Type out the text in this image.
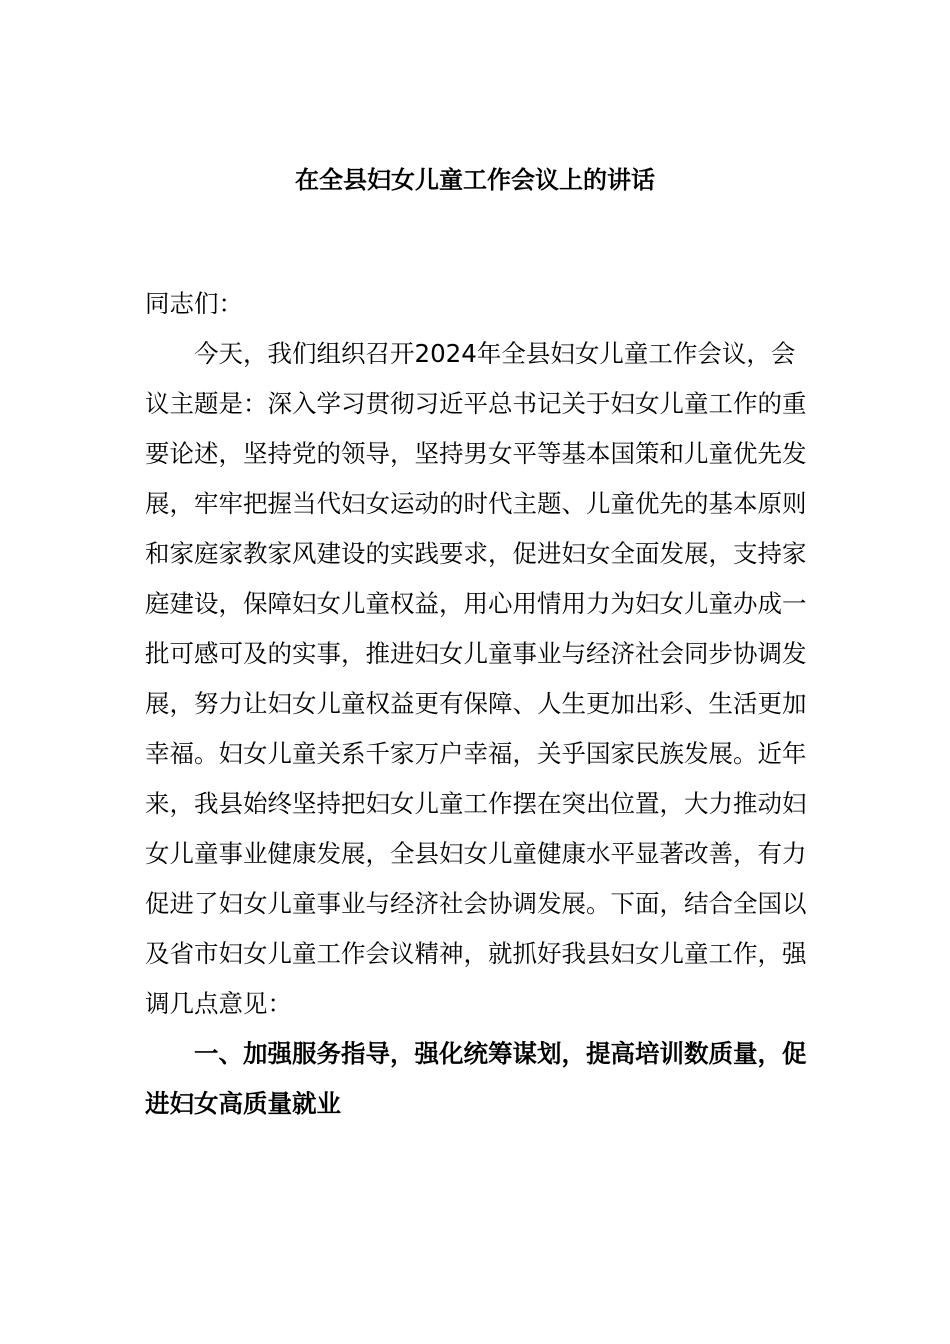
在全县妇女儿童工作会议上的讲话

同志们：

今天，我们组织召开2024年全县妇女儿童工作会议，会议主题是：深入学习贯彻习近平总书记关于妇女儿童工作的重要论述，坚持党的领导，坚持男女平等基本国策和儿童优先发展，牢牢把握当代妇女运动的时代主题、儿童优先的基本原则和家庭家教家风建设的实践要求，促进妇女全面发展，支持家庭建设，保障妇女儿童权益，用心用情用力为妇女儿童办成一批可感可及的实事，推进妇女儿童事业与经济社会同步协调发展，努力让妇女儿童权益更有保障、人生更加出彩、生活更加幸福。妇女儿童关系千家万户幸福，关乎国家民族发展。近年来，我县始终坚持把妇女儿童工作摆在突出位置，大力推动妇女儿童事业健康发展，全县妇女儿童健康水平显著改善，有力促进了妇女儿童事业与经济社会协调发展。下面，结合全国以及省市妇女儿童工作会议精神，就抓好我县妇女儿童工作，强调几点意见：

一、加强服务指导，强化统筹谋划，提高培训数质量，促进妇女高质量就业
